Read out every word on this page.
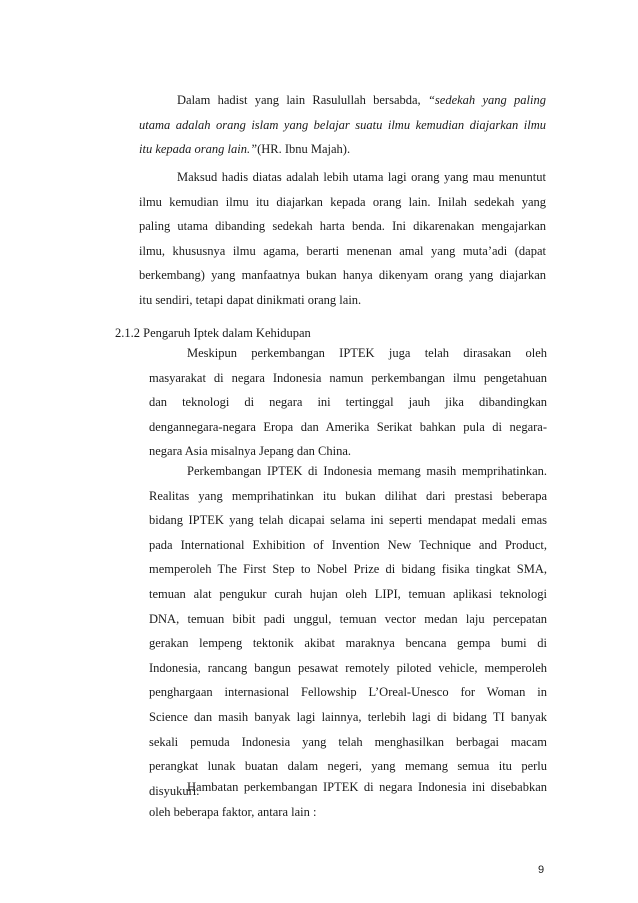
Dalam hadist yang lain Rasulullah bersabda, “sedekah yang paling
utama adalah orang islam yang belajar suatu ilmu kemudian diajarkan ilmu
itu kepada orang lain.”(HR. Ibnu Majah).

Maksud hadis diatas adalah lebih utama lagi orang yang mau menuntut
ilmu kemudian ilmu itu diajarkan kepada orang lain. Inilah sedekah yang
paling utama dibanding sedekah harta benda. Ini dikarenakan mengajarkan
ilmu, khususnya ilmu agama, berarti menenan amal yang muta’adi (dapat
berkembang) yang manfaatnya bukan hanya dikenyam orang yang diajarkan
itu sendiri, tetapi dapat dinikmati orang lain.

2.1.2 Pengaruh Iptek dalam Kehidupan

Meskipun perkembangan IPTEK juga telah dirasakan oleh
masyarakat di negara Indonesia namun perkembangan ilmu pengetahuan
dan teknologi di negara ini tertinggal jauh jika dibandingkan
dengannegara-negara Eropa dan Amerika Serikat bahkan pula di negara-
negara Asia misalnya Jepang dan China.

Perkembangan IPTEK di Indonesia memang masih memprihatinkan.
Realitas yang memprihatinkan itu bukan dilihat dari prestasi beberapa
bidang IPTEK yang telah dicapai selama ini seperti mendapat medali emas
pada International Exhibition of Invention New Technique and Product,
memperoleh The First Step to Nobel Prize di bidang fisika tingkat SMA,
temuan alat pengukur curah hujan oleh LIPI, temuan aplikasi teknologi
DNA, temuan bibit padi unggul, temuan vector medan laju percepatan
gerakan lempeng tektonik akibat maraknya bencana gempa bumi di
Indonesia, rancang bangun pesawat remotely piloted vehicle, memperoleh
penghargaan internasional Fellowship L’Oreal-Unesco for Woman in
Science dan masih banyak lagi lainnya, terlebih lagi di bidang TI banyak
sekali pemuda Indonesia yang telah menghasilkan berbagai macam
perangkat lunak buatan dalam negeri, yang memang semua itu perlu
disyukuri.

Hambatan perkembangan IPTEK di negara Indonesia ini disebabkan
oleh beberapa faktor, antara lain :

9
